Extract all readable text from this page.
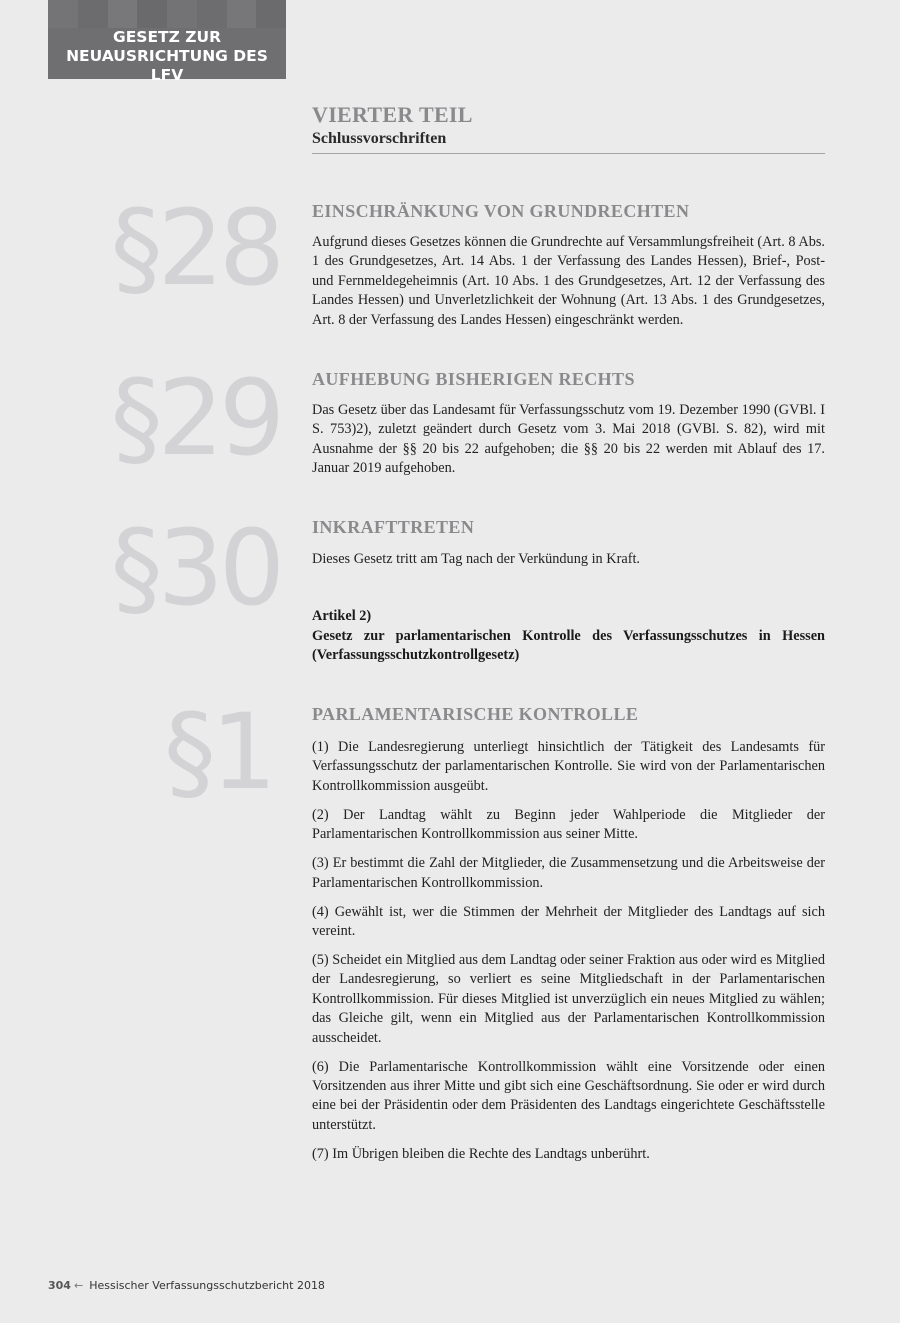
GESETZ ZUR
NEUAUSRICHTUNG DES LFV
VIERTER TEIL
Schlussvorschriften
§28 EINSCHRÄNKUNG VON GRUNDRECHTEN

Aufgrund dieses Gesetzes können die Grundrechte auf Versammlungsfreiheit (Art. 8 Abs. 1 des Grundgesetzes, Art. 14 Abs. 1 der Verfassung des Landes Hessen), Brief-, Post- und Fernmeldegeheimnis (Art. 10 Abs. 1 des Grundgesetzes, Art. 12 der Verfassung des Landes Hessen) und Unverletzlichkeit der Wohnung (Art. 13 Abs. 1 des Grundgesetzes, Art. 8 der Verfassung des Landes Hessen) eingeschränkt werden.

§29 AUFHEBUNG BISHERIGEN RECHTS

Das Gesetz über das Landesamt für Verfassungsschutz vom 19. Dezember 1990 (GVBl. I S. 753)2), zuletzt geändert durch Gesetz vom 3. Mai 2018 (GVBl. S. 82), wird mit Ausnahme der §§ 20 bis 22 aufgehoben; die §§ 20 bis 22 werden mit Ablauf des 17. Januar 2019 aufgehoben.

§30 INKRAFTTRETEN

Dieses Gesetz tritt am Tag nach der Verkündung in Kraft.

Artikel 2)
Gesetz zur parlamentarischen Kontrolle des Verfassungsschutzes in Hessen (Verfassungsschutzkontrollgesetz)
§1 PARLAMENTARISCHE KONTROLLE

(1) Die Landesregierung unterliegt hinsichtlich der Tätigkeit des Landesamts für Verfassungsschutz der parlamentarischen Kontrolle. Sie wird von der Parlamentarischen Kontrollkommission ausgeübt.

(2) Der Landtag wählt zu Beginn jeder Wahlperiode die Mitglieder der Parlamentarischen Kontrollkommission aus seiner Mitte.

(3) Er bestimmt die Zahl der Mitglieder, die Zusammensetzung und die Arbeitsweise der Parlamentarischen Kontrollkommission.

(4) Gewählt ist, wer die Stimmen der Mehrheit der Mitglieder des Landtags auf sich vereint.

(5) Scheidet ein Mitglied aus dem Landtag oder seiner Fraktion aus oder wird es Mitglied der Landesregierung, so verliert es seine Mitgliedschaft in der Parlamentarischen Kontrollkommission. Für dieses Mitglied ist unverzüglich ein neues Mitglied zu wählen; das Gleiche gilt, wenn ein Mitglied aus der Parlamentarischen Kontrollkommission ausscheidet.

(6) Die Parlamentarische Kontrollkommission wählt eine Vorsitzende oder einen Vorsitzenden aus ihrer Mitte und gibt sich eine Geschäftsordnung. Sie oder er wird durch eine bei der Präsidentin oder dem Präsidenten des Landtags eingerichtete Geschäftsstelle unterstützt.

(7) Im Übrigen bleiben die Rechte des Landtags unberührt.

304 ← Hessischer Verfassungsschutzbericht 2018
